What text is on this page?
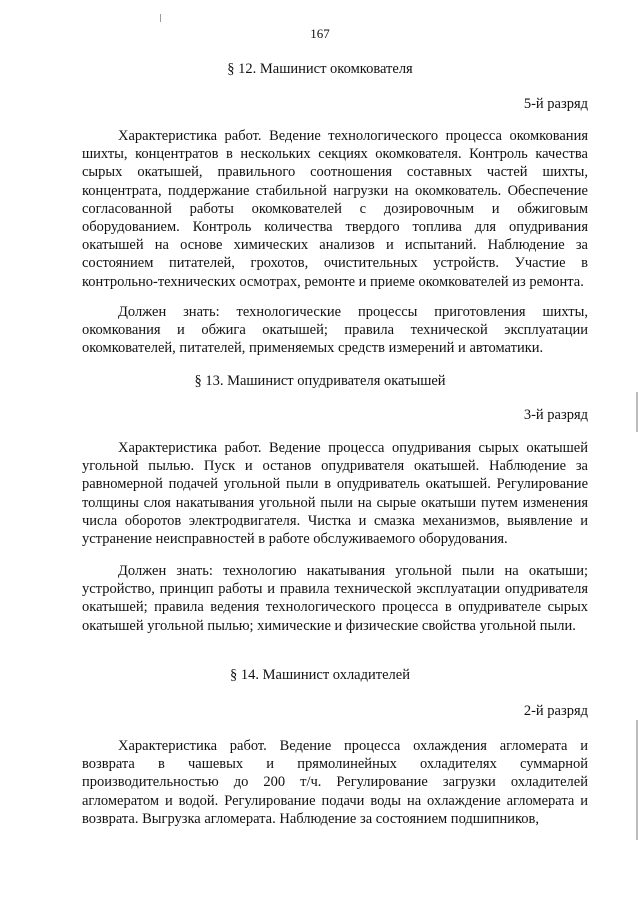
167
§ 12. Машинист окомкователя
5-й разряд

Характеристика работ. Ведение технологического процесса окомкования шихты, концентратов в нескольких секциях окомкователя. Контроль качества сырых окатышей, правильного соотношения составных частей шихты, концентрата, поддержание стабильной нагрузки на окомкователь. Обеспечение согласованной работы окомкователей с дозировочным и обжиговым оборудованием. Контроль количества твердого топлива для опудривания окатышей на основе химических анализов и испытаний. Наблюдение за состоянием питателей, грохотов, очистительных устройств. Участие в контрольно-технических осмотрах, ремонте и приеме окомкователей из ремонта.

Должен знать: технологические процессы приготовления шихты, окомкования и обжига окатышей; правила технической эксплуатации окомкователей, питателей, применяемых средств измерений и автоматики.

§ 13. Машинист опудривателя окатышей
3-й разряд

Характеристика работ. Ведение процесса опудривания сырых окатышей угольной пылью. Пуск и останов опудривателя окатышей. Наблюдение за равномерной подачей угольной пыли в опудриватель окатышей. Регулирование толщины слоя накатывания угольной пыли на сырые окатыши путем изменения числа оборотов электродвигателя. Чистка и смазка механизмов, выявление и устранение неисправностей в работе обслуживаемого оборудования.

Должен знать: технологию накатывания угольной пыли на окатыши; устройство, принцип работы и правила технической эксплуатации опудривателя окатышей; правила ведения технологического процесса в опудривателе сырых окатышей угольной пылью; химические и физические свойства угольной пыли.

§ 14. Машинист охладителей
2-й разряд

Характеристика работ. Ведение процесса охлаждения агломерата и возврата в чашевых и прямолинейных охладителях суммарной производительностью до 200 т/ч. Регулирование загрузки охладителей агломератом и водой. Регулирование подачи воды на охлаждение агломерата и возврата. Выгрузка агломерата. Наблюдение за состоянием подшипников,
